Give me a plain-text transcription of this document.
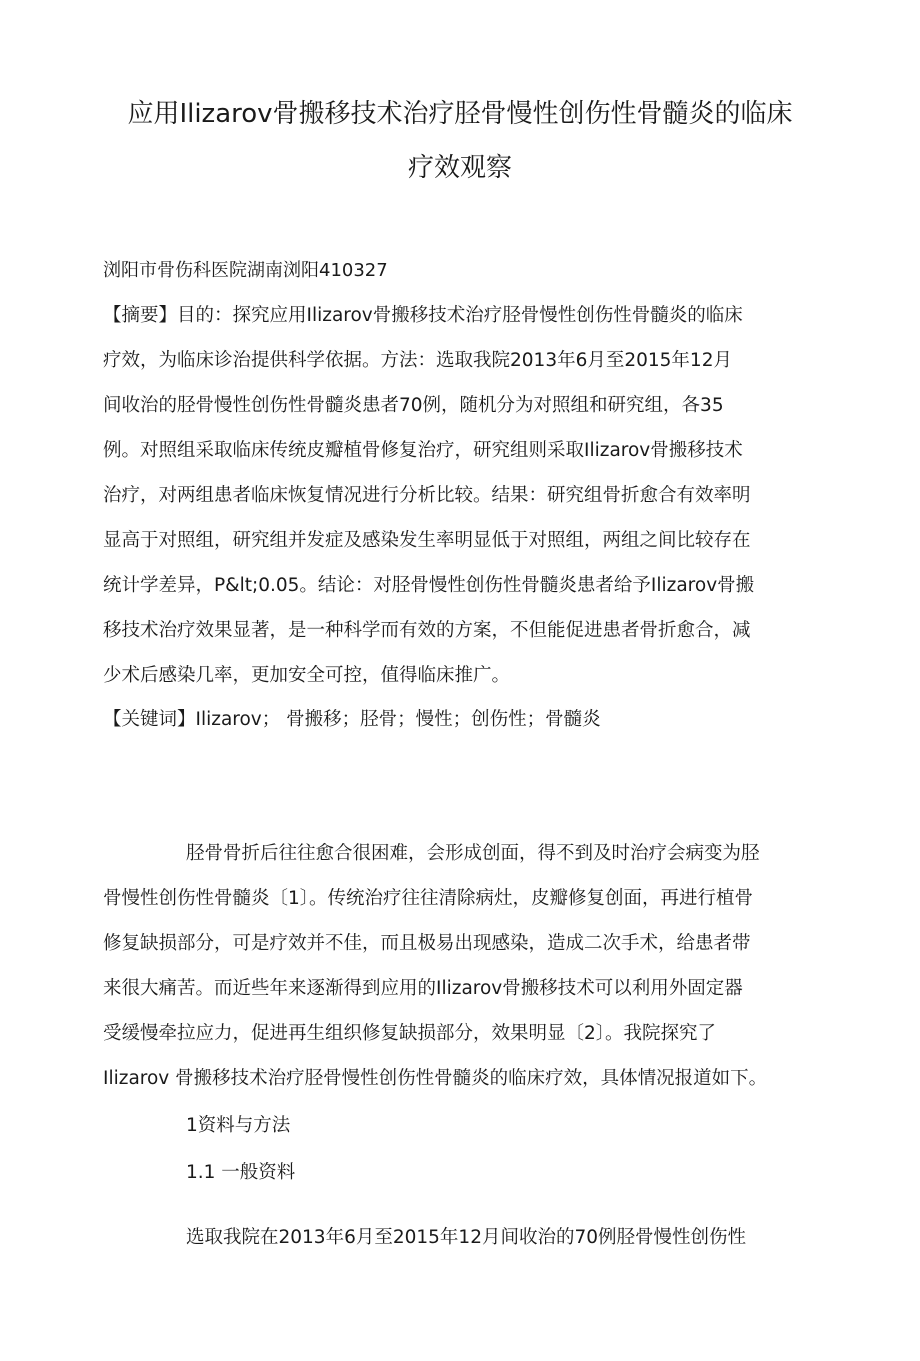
应用Ilizarov骨搬移技术治疗胫骨慢性创伤性骨髓炎的临床
疗效观察
浏阳市骨伤科医院湖南浏阳410327
【摘要】目的：探究应用Ilizarov骨搬移技术治疗胫骨慢性创伤性骨髓炎的临床
疗效，为临床诊治提供科学依据。方法：选取我院2013年6月至2015年12月
间收治的胫骨慢性创伤性骨髓炎患者70例，随机分为对照组和研究组，各35
例。对照组采取临床传统皮瓣植骨修复治疗，研究组则采取Ilizarov骨搬移技术
治疗，对两组患者临床恢复情况进行分析比较。结果：研究组骨折愈合有效率明
显高于对照组，研究组并发症及感染发生率明显低于对照组，两组之间比较存在
统计学差异，P&lt;0.05。结论：对胫骨慢性创伤性骨髓炎患者给予Ilizarov骨搬
移技术治疗效果显著，是一种科学而有效的方案，不但能促进患者骨折愈合，减
少术后感染几率，更加安全可控，值得临床推广。
【关键词】Ilizarov； 骨搬移；胫骨；慢性；创伤性；骨髓炎
胫骨骨折后往往愈合很困难，会形成创面，得不到及时治疗会病变为胫
骨慢性创伤性骨髓炎〔1〕。传统治疗往往清除病灶，皮瓣修复创面，再进行植骨
修复缺损部分，可是疗效并不佳，而且极易出现感染，造成二次手术，给患者带
来很大痛苦。而近些年来逐渐得到应用的Ilizarov骨搬移技术可以利用外固定器
受缓慢牵拉应力，促进再生组织修复缺损部分，效果明显〔2〕。我院探究了
Ilizarov 骨搬移技术治疗胫骨慢性创伤性骨髓炎的临床疗效，具体情况报道如下。
1资料与方法
1.1 一般资料
选取我院在2013年6月至2015年12月间收治的70例胫骨慢性创伤性
